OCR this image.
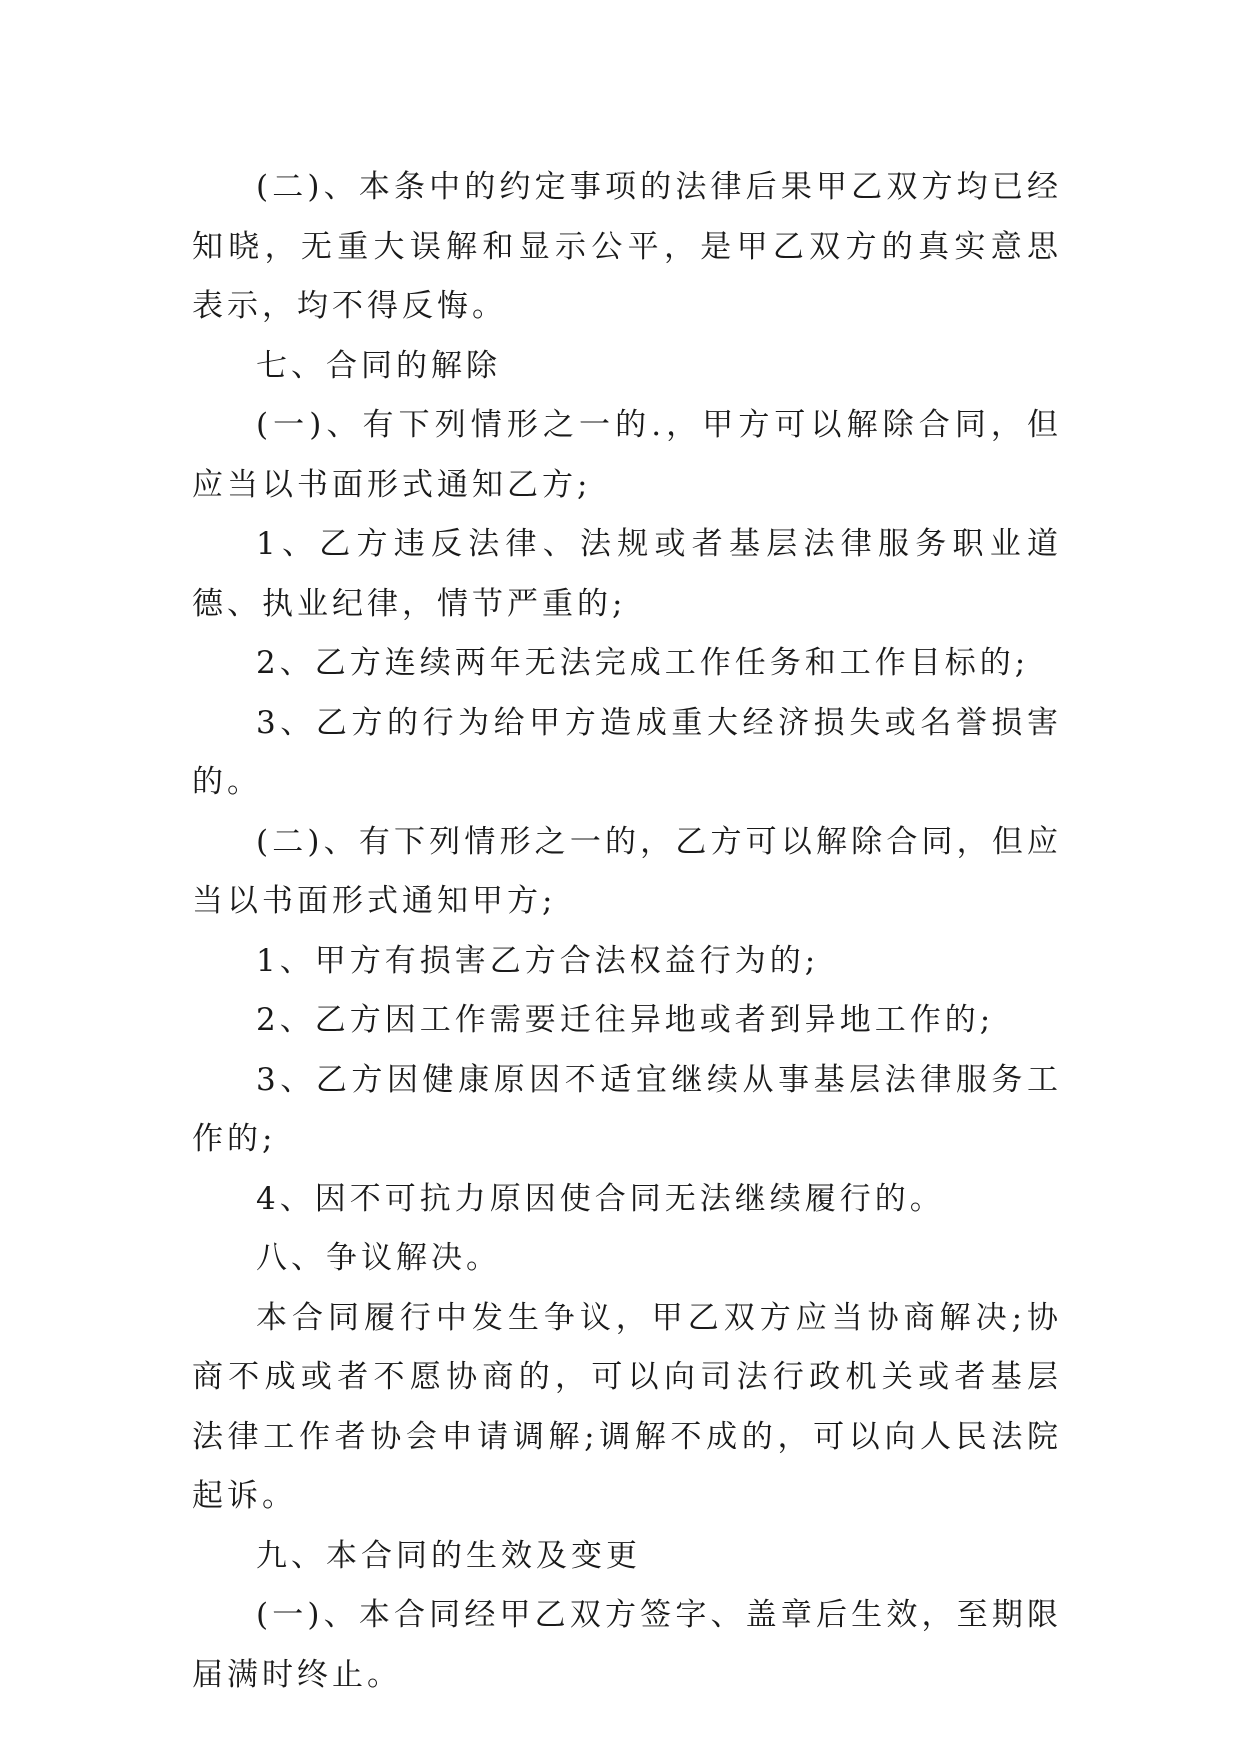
(二)、本条中的约定事项的法律后果甲乙双方均已经知晓，无重大误解和显示公平，是甲乙双方的真实意思表示，均不得反悔。

七、合同的解除

(一)、有下列情形之一的.，甲方可以解除合同，但应当以书面形式通知乙方;

1、乙方违反法律、法规或者基层法律服务职业道德、执业纪律，情节严重的;

2、乙方连续两年无法完成工作任务和工作目标的;

3、乙方的行为给甲方造成重大经济损失或名誉损害的。

(二)、有下列情形之一的，乙方可以解除合同，但应当以书面形式通知甲方;

1、甲方有损害乙方合法权益行为的;

2、乙方因工作需要迁往异地或者到异地工作的;

3、乙方因健康原因不适宜继续从事基层法律服务工作的;

4、因不可抗力原因使合同无法继续履行的。

八、争议解决。

本合同履行中发生争议，甲乙双方应当协商解决;协商不成或者不愿协商的，可以向司法行政机关或者基层法律工作者协会申请调解;调解不成的，可以向人民法院起诉。

九、本合同的生效及变更

(一)、本合同经甲乙双方签字、盖章后生效，至期限届满时终止。
